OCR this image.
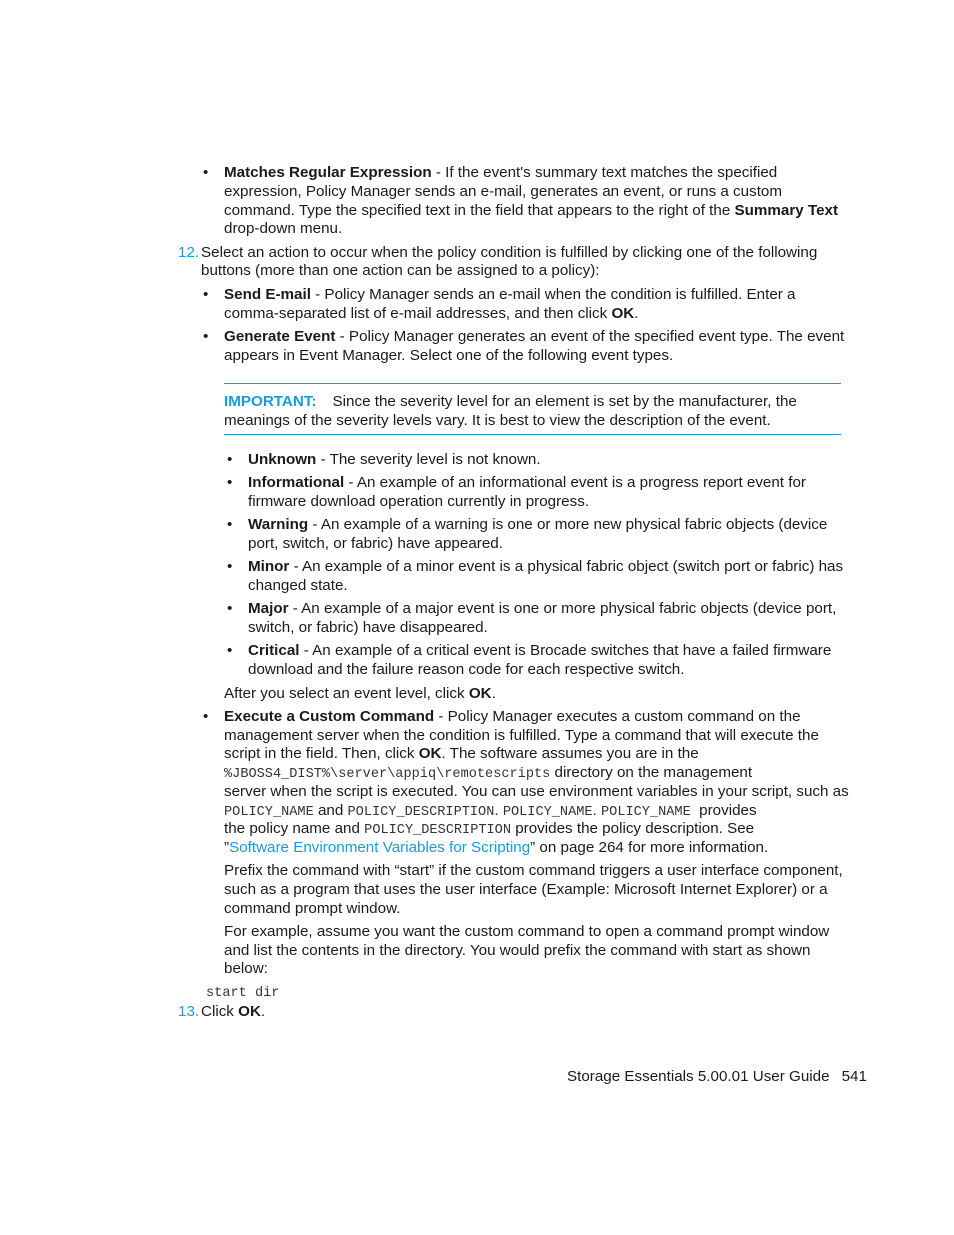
• Matches Regular Expression - If the event's summary text matches the specified
expression, Policy Manager sends an e-mail, generates an event, or runs a custom
command. Type the specified text in the field that appears to the right of the Summary Text
drop-down menu.
12. Select an action to occur when the policy condition is fulfilled by clicking one of the following
buttons (more than one action can be assigned to a policy):
• Send E-mail - Policy Manager sends an e-mail when the condition is fulfilled. Enter a
comma-separated list of e-mail addresses, and then click OK.
• Generate Event - Policy Manager generates an event of the specified event type. The event
appears in Event Manager. Select one of the following event types.
IMPORTANT: Since the severity level for an element is set by the manufacturer, the
meanings of the severity levels vary. It is best to view the description of the event.
• Unknown - The severity level is not known.
• Informational - An example of an informational event is a progress report event for
firmware download operation currently in progress.
• Warning - An example of a warning is one or more new physical fabric objects (device
port, switch, or fabric) have appeared.
• Minor - An example of a minor event is a physical fabric object (switch port or fabric) has
changed state.
• Major - An example of a major event is one or more physical fabric objects (device port,
switch, or fabric) have disappeared.
• Critical - An example of a critical event is Brocade switches that have a failed firmware
download and the failure reason code for each respective switch.
After you select an event level, click OK.
• Execute a Custom Command - Policy Manager executes a custom command on the
management server when the condition is fulfilled. Type a command that will execute the
script in the field. Then, click OK. The software assumes you are in the
%JBOSS4_DIST%\server\appiq\remotescripts directory on the management
server when the script is executed. You can use environment variables in your script, such as
POLICY_NAME and POLICY_DESCRIPTION. POLICY_NAME. POLICY_NAME  provides
the policy name and POLICY_DESCRIPTION provides the policy description. See
”Software Environment Variables for Scripting” on page 264 for more information.
Prefix the command with “start” if the custom command triggers a user interface component,
such as a program that uses the user interface (Example: Microsoft Internet Explorer) or a
command prompt window.
For example, assume you want the custom command to open a command prompt window
and list the contents in the directory. You would prefix the command with start as shown
below:
start dir
13. Click OK.
Storage Essentials 5.00.01 User Guide 541
